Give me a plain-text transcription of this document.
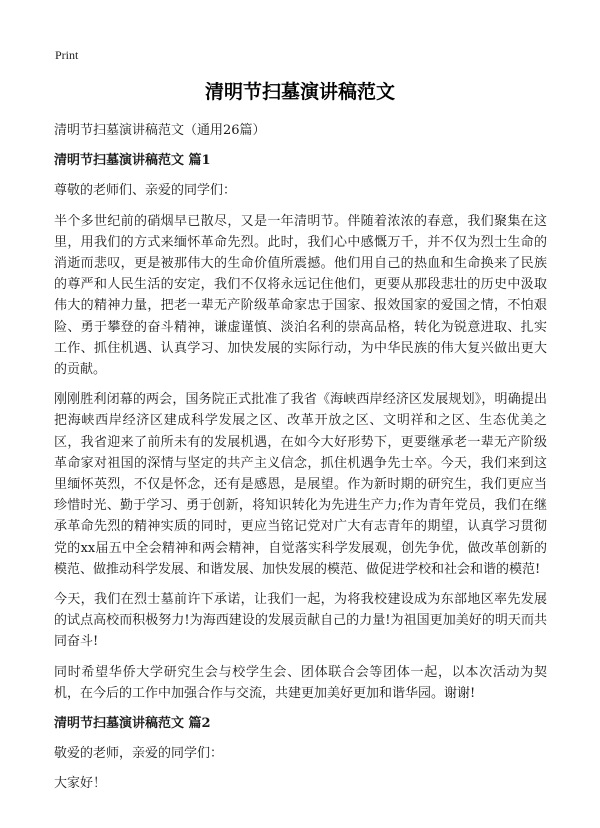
Print
清明节扫墓演讲稿范文
清明节扫墓演讲稿范文（通用26篇）
清明节扫墓演讲稿范文 篇1
尊敬的老师们、亲爱的同学们：
半个多世纪前的硝烟早已散尽，又是一年清明节。伴随着浓浓的春意，我们聚集在这里，用我们的方式来缅怀革命先烈。此时，我们心中感慨万千，并不仅为烈士生命的消逝而悲叹，更是被那伟大的生命价值所震撼。他们用自己的热血和生命换来了民族的尊严和人民生活的安定，我们不仅将永远记住他们，更要从那段悲壮的历史中汲取伟大的精神力量，把老一辈无产阶级革命家忠于国家、报效国家的爱国之情，不怕艰险、勇于攀登的奋斗精神，谦虚谨慎、淡泊名利的崇高品格，转化为锐意进取、扎实工作、抓住机遇、认真学习、加快发展的实际行动，为中华民族的伟大复兴做出更大的贡献。
刚刚胜利闭幕的两会，国务院正式批准了我省《海峡西岸经济区发展规划》，明确提出把海峡西岸经济区建成科学发展之区、改革开放之区、文明祥和之区、生态优美之区，我省迎来了前所未有的发展机遇，在如今大好形势下，更要继承老一辈无产阶级革命家对祖国的深情与坚定的共产主义信念，抓住机遇争先士卒。今天，我们来到这里缅怀英烈，不仅是怀念，还有是感恩，是展望。作为新时期的研究生，我们更应当珍惜时光、勤于学习、勇于创新，将知识转化为先进生产力;作为青年党员，我们在继承革命先烈的精神实质的同时，更应当铭记党对广大有志青年的期望，认真学习贯彻党的xx届五中全会精神和两会精神，自觉落实科学发展观，创先争优，做改革创新的模范、做推动科学发展、和谐发展、加快发展的模范、做促进学校和社会和谐的模范!
今天，我们在烈士墓前许下承诺，让我们一起，为将我校建设成为东部地区率先发展的试点高校而积极努力!为海西建设的发展贡献自己的力量!为祖国更加美好的明天而共同奋斗!
同时希望华侨大学研究生会与校学生会、团体联合会等团体一起，以本次活动为契机，在今后的工作中加强合作与交流，共建更加美好更加和谐华园。谢谢!
清明节扫墓演讲稿范文 篇2
敬爱的老师，亲爱的同学们：
大家好！
